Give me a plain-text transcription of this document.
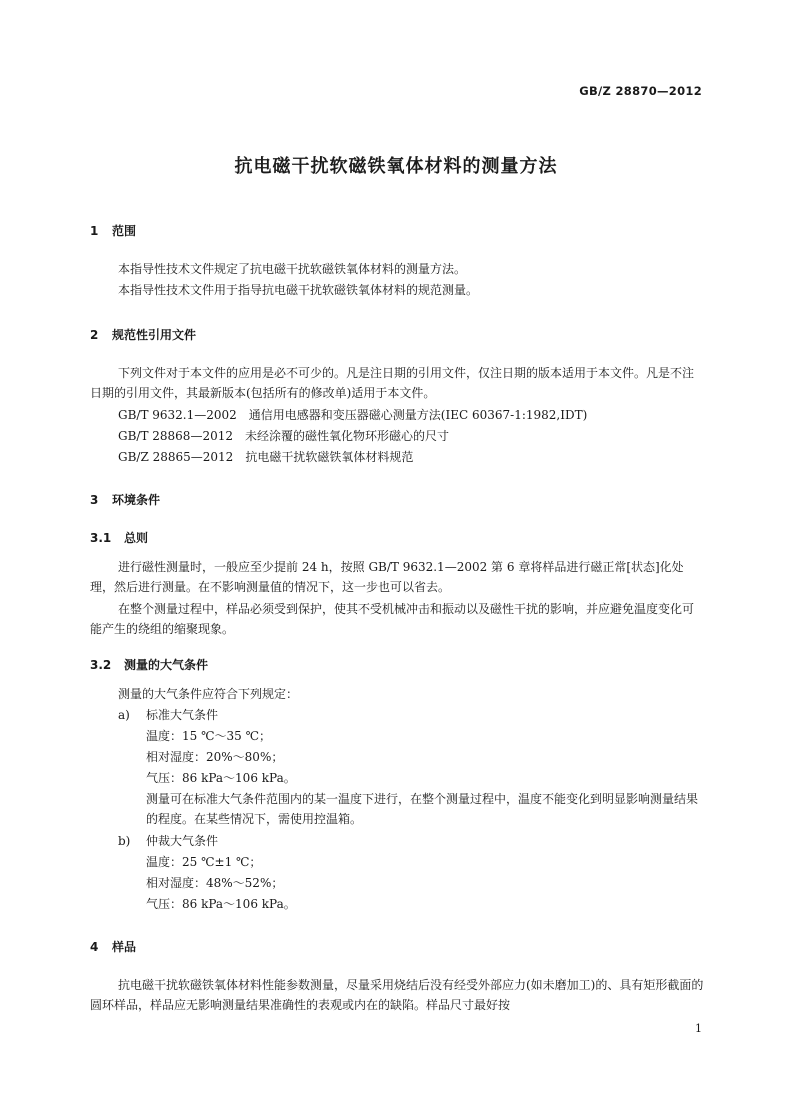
GB/Z 28870—2012
抗电磁干扰软磁铁氧体材料的测量方法
1 范围
本指导性技术文件规定了抗电磁干扰软磁铁氧体材料的测量方法。
本指导性技术文件用于指导抗电磁干扰软磁铁氧体材料的规范测量。
2 规范性引用文件
下列文件对于本文件的应用是必不可少的。凡是注日期的引用文件，仅注日期的版本适用于本文件。凡是不注日期的引用文件，其最新版本(包括所有的修改单)适用于本文件。
GB/T 9632.1—2002　通信用电感器和变压器磁心测量方法(IEC 60367-1:1982,IDT)
GB/T 28868—2012　未经涂覆的磁性氧化物环形磁心的尺寸
GB/Z 28865—2012　抗电磁干扰软磁铁氧体材料规范
3 环境条件
3.1 总则
进行磁性测量时，一般应至少提前 24 h，按照 GB/T 9632.1—2002 第 6 章将样品进行磁正常[状态]化处理，然后进行测量。在不影响测量值的情况下，这一步也可以省去。
在整个测量过程中，样品必须受到保护，使其不受机械冲击和振动以及磁性干扰的影响，并应避免温度变化可能产生的绕组的缩聚现象。
3.2 测量的大气条件
测量的大气条件应符合下列规定：
a) 标准大气条件
温度：15 ℃～35 ℃；
相对湿度：20%～80%；
气压：86 kPa～106 kPa。
测量可在标准大气条件范围内的某一温度下进行，在整个测量过程中，温度不能变化到明显影响测量结果的程度。在某些情况下，需使用控温箱。
b) 仲裁大气条件
温度：25 ℃±1 ℃；
相对湿度：48%～52%；
气压：86 kPa～106 kPa。
4 样品
抗电磁干扰软磁铁氧体材料性能参数测量，尽量采用烧结后没有经受外部应力(如未磨加工)的、具有矩形截面的圆环样品，样品应无影响测量结果准确性的表观或内在的缺陷。样品尺寸最好按
1
